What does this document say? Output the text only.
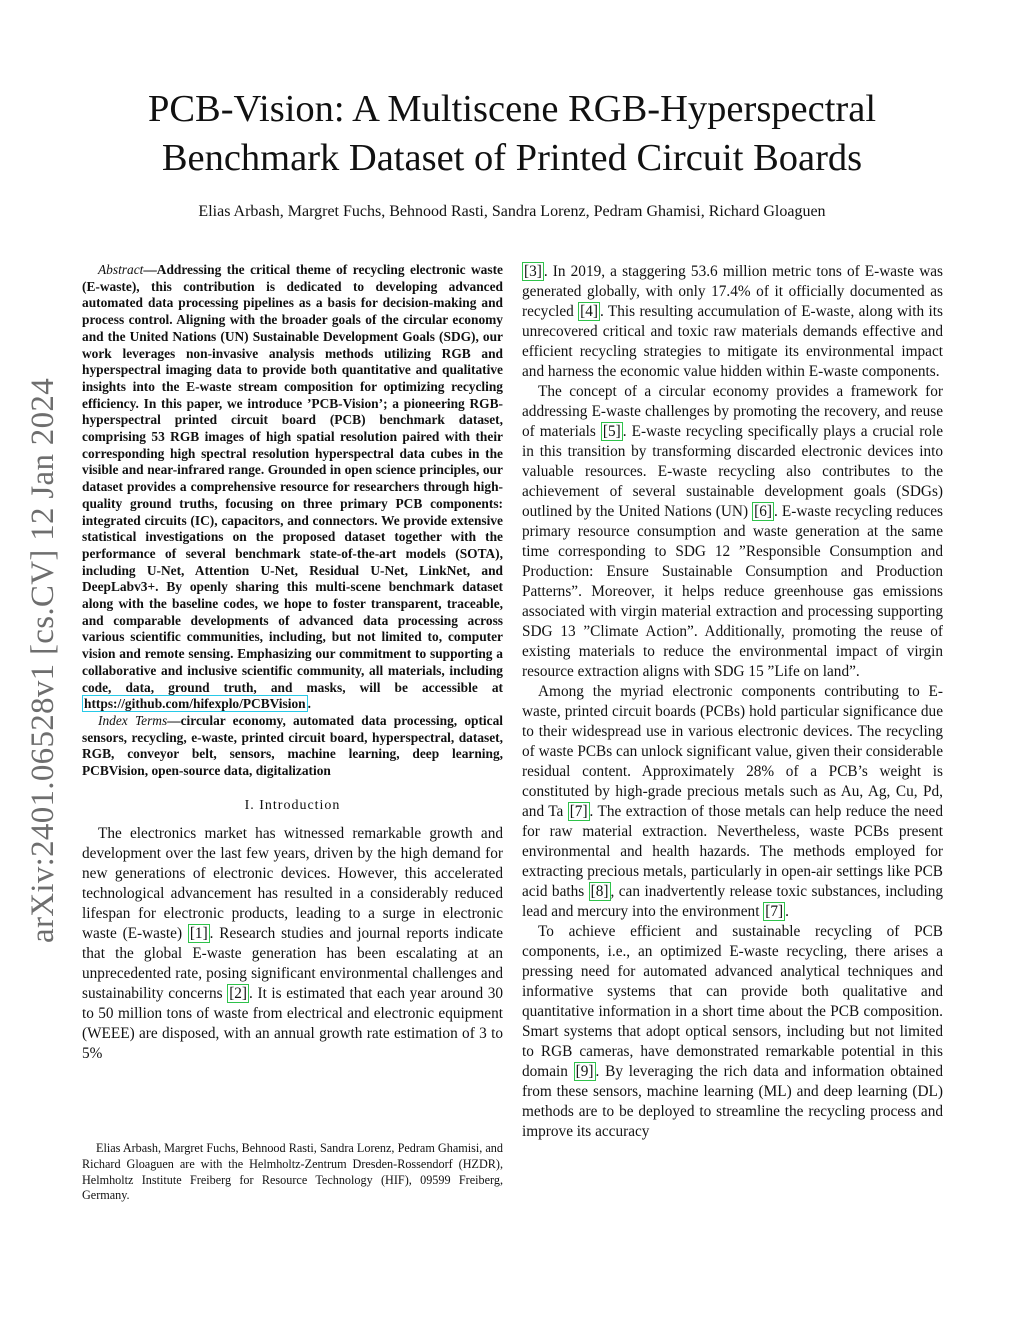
arXiv:2401.06528v1 [cs.CV] 12 Jan 2024
PCB-Vision: A Multiscene RGB-Hyperspectral
Benchmark Dataset of Printed Circuit Boards
Elias Arbash, Margret Fuchs, Behnood Rasti, Sandra Lorenz, Pedram Ghamisi, Richard Gloaguen

Abstract—Addressing the critical theme of recycling electronic waste (E-waste), this contribution is dedicated to developing advanced automated data processing pipelines as a basis for decision-making and process control. Aligning with the broader goals of the circular economy and the United Nations (UN) Sustainable Development Goals (SDG), our work leverages non-invasive analysis methods utilizing RGB and hyperspectral imaging data to provide both quantitative and qualitative insights into the E-waste stream composition for optimizing recycling efficiency. In this paper, we introduce ’PCB-Vision’; a pioneering RGB-hyperspectral printed circuit board (PCB) benchmark dataset, comprising 53 RGB images of high spatial resolution paired with their corresponding high spectral resolution hyperspectral data cubes in the visible and near-infrared range. Grounded in open science principles, our dataset provides a comprehensive resource for researchers through high-quality ground truths, focusing on three primary PCB components: integrated circuits (IC), capacitors, and connectors. We provide extensive statistical investigations on the proposed dataset together with the performance of several benchmark state-of-the-art models (SOTA), including U-Net, Attention U-Net, Residual U-Net, LinkNet, and DeepLabv3+. By openly sharing this multi-scene benchmark dataset along with the baseline codes, we hope to foster transparent, traceable, and comparable developments of advanced data processing across various scientific communities, including, but not limited to, computer vision and remote sensing. Emphasizing our commitment to supporting a collaborative and inclusive scientific community, all materials, including code, data, ground truth, and masks, will be accessible at https://github.com/hifexplo/PCBVision .

Index Terms—circular economy, automated data processing, optical sensors, recycling, e-waste, printed circuit board, hyperspectral, dataset, RGB, conveyor belt, sensors, machine learning, deep learning, PCBVision, open-source data, digitalization

I. Introduction

The electronics market has witnessed remarkable growth and development over the last few years, driven by the high demand for new generations of electronic devices. However, this accelerated technological advancement has resulted in a considerably reduced lifespan for electronic products, leading to a surge in electronic waste (E-waste) [1] . Research studies and journal reports indicate that the global E-waste generation has been escalating at an unprecedented rate, posing significant environmental challenges and sustainability concerns [2] . It is estimated that each year around 30 to 50 million tons of waste from electrical and electronic equipment (WEEE) are disposed, with an annual growth rate estimation of 3 to 5%

Elias Arbash, Margret Fuchs, Behnood Rasti, Sandra Lorenz, Pedram Ghamisi, and Richard Gloaguen are with the Helmholtz-Zentrum Dresden-Rossendorf (HZDR), Helmholtz Institute Freiberg for Resource Technology (HIF), 09599 Freiberg, Germany.

[3] . In 2019, a staggering 53.6 million metric tons of E-waste was generated globally, with only 17.4% of it officially documented as recycled [4] . This resulting accumulation of E-waste, along with its unrecovered critical and toxic raw materials demands effective and efficient recycling strategies to mitigate its environmental impact and harness the economic value hidden within E-waste components.

The concept of a circular economy provides a framework for addressing E-waste challenges by promoting the recovery, and reuse of materials [5] . E-waste recycling specifically plays a crucial role in this transition by transforming discarded electronic devices into valuable resources. E-waste recycling also contributes to the achievement of several sustainable development goals (SDGs) outlined by the United Nations (UN) [6] . E-waste recycling reduces primary resource consumption and waste generation at the same time corresponding to SDG 12 ”Responsible Consumption and Production: Ensure Sustainable Consumption and Production Patterns”. Moreover, it helps reduce greenhouse gas emissions associated with virgin material extraction and processing supporting SDG 13 ”Climate Action”. Additionally, promoting the reuse of existing materials to reduce the environmental impact of virgin resource extraction aligns with SDG 15 ”Life on land”.

Among the myriad electronic components contributing to E-waste, printed circuit boards (PCBs) hold particular significance due to their widespread use in various electronic devices. The recycling of waste PCBs can unlock significant value, given their considerable residual content. Approximately 28% of a PCB’s weight is constituted by high-grade precious metals such as Au, Ag, Cu, Pd, and Ta [7] . The extraction of those metals can help reduce the need for raw material extraction. Nevertheless, waste PCBs present environmental and health hazards. The methods employed for extracting precious metals, particularly in open-air settings like PCB acid baths [8] , can inadvertently release toxic substances, including lead and mercury into the environment [7] .

To achieve efficient and sustainable recycling of PCB components, i.e., an optimized E-waste recycling, there arises a pressing need for automated advanced analytical techniques and informative systems that can provide both qualitative and quantitative information in a short time about the PCB composition. Smart systems that adopt optical sensors, including but not limited to RGB cameras, have demonstrated remarkable potential in this domain [9] . By leveraging the rich data and information obtained from these sensors, machine learning (ML) and deep learning (DL) methods are to be deployed to streamline the recycling process and improve its accuracy
